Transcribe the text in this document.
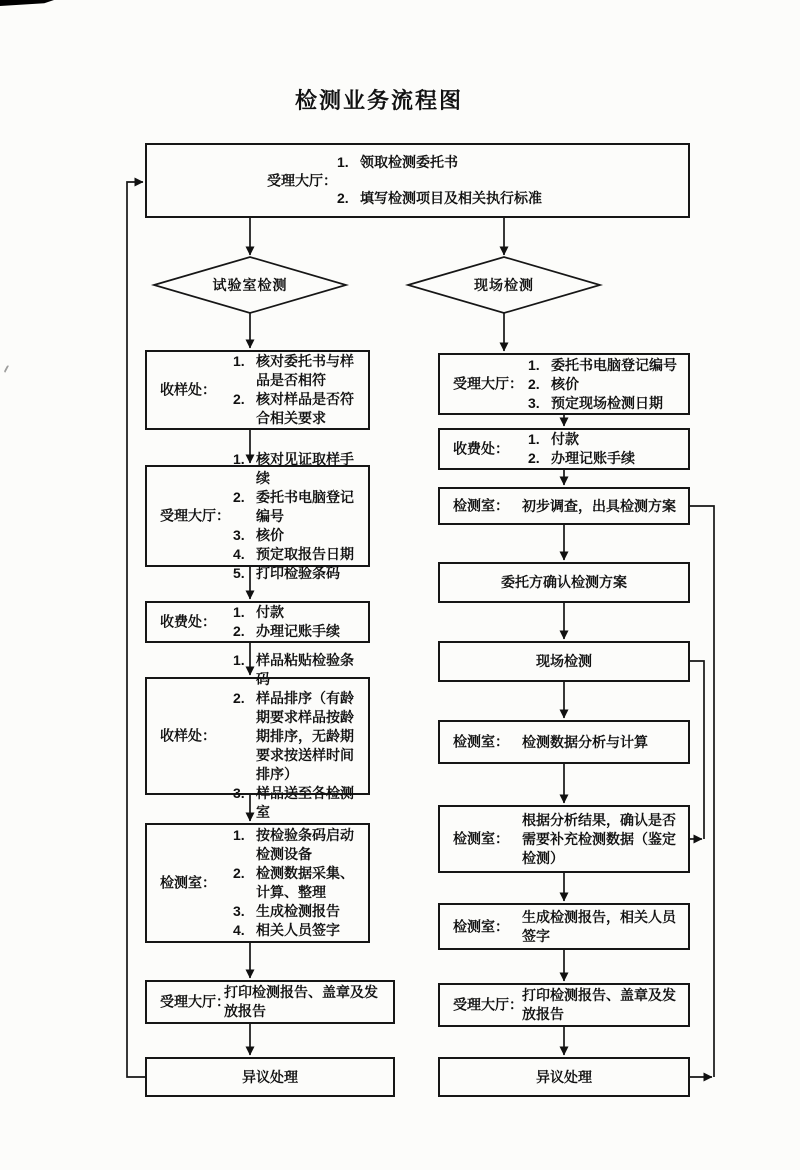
检测业务流程图
试验室检测	现场检测
受理大厅：
1. 领取检测委托书
2. 填写检测项目及相关执行标准
收样处：
1. 核对委托书与样品是否相符
2. 核对样品是否符合相关要求
受理大厅：
1. 核对见证取样手续
2. 委托书电脑登记编号
3. 核价
4. 预定取报告日期
5. 打印检验条码
收费处：
1. 付款
2. 办理记账手续
收样处：
1. 样品粘贴检验条码
2. 样品排序（有龄期要求样品按龄期排序，无龄期要求按送样时间排序）
3. 样品送至各检测室
检测室：
1. 按检验条码启动检测设备
2. 检测数据采集、计算、整理
3. 生成检测报告
4. 相关人员签字
受理大厅：
打印检测报告、盖章及发放报告
异议处理
受理大厅：
1. 委托书电脑登记编号
2. 核价
3. 预定现场检测日期
收费处：
1. 付款
2. 办理记账手续
检测室： 初步调查，出具检测方案
委托方确认检测方案
现场检测
检测室： 检测数据分析与计算
检测室：
根据分析结果，确认是否需要补充检测数据（鉴定检测）
检测室：
生成检测报告，相关人员签字
受理大厅：
打印检测报告、盖章及发放报告
异议处理
